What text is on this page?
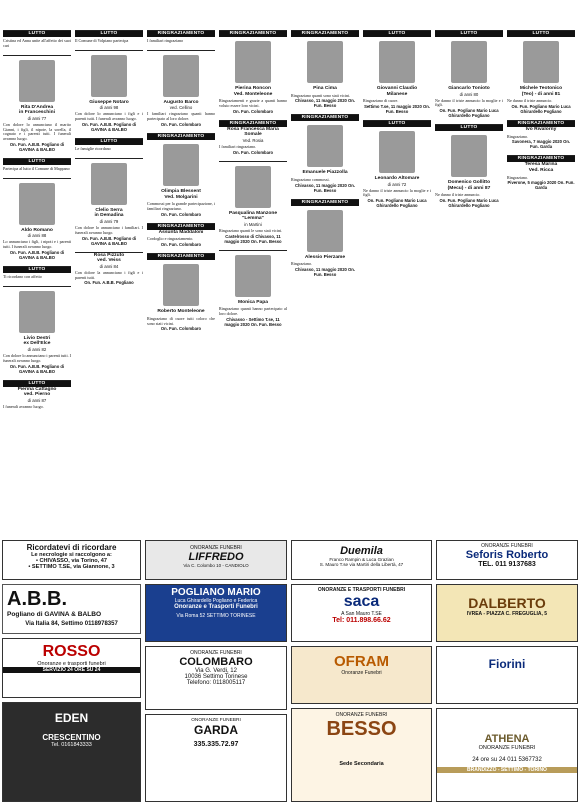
LUTTO
Cristina ed Anna unite all'affetto dei suoi cari
Rita D'Andrea
in Franceschini
di anni 77
Con dolore lo annunciano il marito Gianni, i figli, il nipote, la sorella, il cognato e i parenti tutti. I funerali avranno luogo.
On. Fun. A.B.B. Pogliano di GAVINA & BALBO
LUTTO
Partecipa al lutto il Comune di Mappano
Aldo Romano
di anni 88
Lo annunciano i figli, i nipoti e i parenti tutti. I funerali avranno luogo.
On. Fun. A.B.B. Pogliano di GAVINA & BALBO
LUTTO
Ti ricordano con affetto
Livio Destri
ex Dell'Elce
di anni 82
Con dolore lo annunciano i parenti tutti. I funerali avranno luogo.
On. Fun. A.B.B. Pogliano di GAVINA & BALBO
LUTTO
Pierina Cattagno
ved. Pierno
di anni 87
I funerali avranno luogo.
LUTTO
Il Comune di Volpiano partecipa
Giuseppe Notaro
di anni 98
Con dolore lo annunciano i figli e i parenti tutti. I funerali avranno luogo.
On. Fun. A.B.B. Pogliano di GAVINA & BALBO
LUTTO
Le famiglie ricordano
Clelio Serra
in Demadina
di anni 79
Con dolore lo annunciano i familiari. I funerali avranno luogo.
On. Fun. A.B.B. Pogliano di GAVINA & BALBO
Rosa Pizzuto
ved. Veiss
di anni 84
Con dolore la annunciano i figli e i parenti tutti.
On. Fun. A.B.B. Pogliano
RINGRAZIAMENTO
I familiari ringraziano
Augusto Barco
ved. Cellino
I familiari ringraziano quanti hanno partecipato al loro dolore.
On. Fun. Colombaro
RINGRAZIAMENTO
Olimpia Blessent
Ved. Molgarini
Commossi per la grande partecipazione, i familiari ringraziano.
On. Fun. Colombaro
RINGRAZIAMENTO
Assunta Maddaloni
Cordoglio e ringraziamento.
On. Fun. Colombaro
RINGRAZIAMENTO
Roberto Monteleone
Ringraziano di cuore tutti coloro che sono stati vicini.
On. Fun. Colombaro
RINGRAZIAMENTO
Pierina Roncon
Ved. Monteleone
Ringraziamenti e grazie a quanti hanno voluto essere loro vicini.
On. Fun. Colombaro
RINGRAZIAMENTO
Rosa Francesca Maria
Somale
Ved. Rosia
I familiari ringraziano.
On. Fun. Colombaro
Pasqualina Manzone
"Lemma"
in Martini
Ringraziano quanti le sono stati vicini.
Castelrosso di Chivasso, 11 maggio 2020 On. Fun. Besso
Monica Papa
Ringraziano quanti hanno partecipato al loro dolore.
Chivasso - Settimo T.se, 11 maggio 2020 On. Fun. Besso
RINGRAZIAMENTO
Pina Cima
Ringraziano quanti sono stati vicini.
Chivasso, 11 maggio 2020 On. Fun. Besso
RINGRAZIAMENTO
Emanuele Piazzolla
Ringraziano commossi.
Chivasso, 11 maggio 2020 On. Fun. Besso
RINGRAZIAMENTO
Alessio Pierzame
Ringraziano.
Chivasso, 11 maggio 2020 On. Fun. Besso
LUTTO
Giovanni Claudio
Milanese
Ringraziano di cuore.
Settimo T.se, 11 maggio 2020 On. Fun. Besso
LUTTO
Leonardo Altomare
di anni 72
Ne danno il triste annuncio la moglie e i figli.
On. Fun. Pogliano Mario Luca Ghirardello Pogliano
LUTTO
Giancarlo Tonioto
di anni 80
Ne danno il triste annuncio la moglie e i figli.
On. Fun. Pogliano Mario Luca Ghirardello Pogliano
LUTTO
Domenico Gollitto
(Mecu) - di anni 87
Ne danno il triste annuncio.
On. Fun. Pogliano Mario Luca Ghirardello Pogliano
LUTTO
Michele Teotonico
(Teo) - di anni 81
Ne danno il triste annuncio.
On. Fun. Pogliano Mario Luca Ghirardello Pogliano
RINGRAZIAMENTO
Ivo Rivalorny
Ringraziano.
Savonera, 7 maggio 2020 On. Fun. Garda
RINGRAZIAMENTO
Teresa Marina
Ved. Ricca
Ringraziano.
Piverone, 5 maggio 2020 On. Fun. Garda
Ricordatevi di ricordare
Le necrologie si raccolgono a:
• CHIVASSO, via Torino, 47
• SETTIMO T.SE, via Giannone, 3
ONORANZE FUNEBRI
LIFFREDO
Via C. Colombo 10 - CANDIOLO
Duemila
Franco Rampin & Luca Grazian
S. Mauro T.se via Martiri della Libertà, 47
ONORANZE FUNEBRI
Seforis Roberto
TEL. 011 9137683
A.B.B.
Pogliano di GAVINA & BALBO
Via Italia 84, Settimo 0118978357
POGLIANO MARIO
Luca Ghirardello Pogliano e Federica
Onoranze e Trasporti Funebri
Via Roma 52 SETTIMO TORINESE
ONORANZE E TRASPORTI FUNEBRI
saca
A San Mauro T.SE
Tel: 011.898.66.62
DALBERTO
IVREA - PIAZZA C. FREGUGLIA, 5
ROSSO
Onoranze e trasporti funebri
SERVIZIO 24 ORE SU 24
ONORANZE FUNEBRI
COLOMBARO
Via G. Verdi, 12
10036 Settimo Torinese
Telefono: 0118005117
OFRAM
Onoranze Funebri
Fiorini
EDEN
CRESCENTINO
Tel. 0161843333
ONORANZE FUNEBRI
GARDA
335.335.72.97
ONORANZE FUNEBRI
BESSO
Sede Secondaria
ATHENA
ONORANZE FUNEBRI
24 ore su 24 011 5367732
BRANDIZZO - SETTIMO - TORINO
